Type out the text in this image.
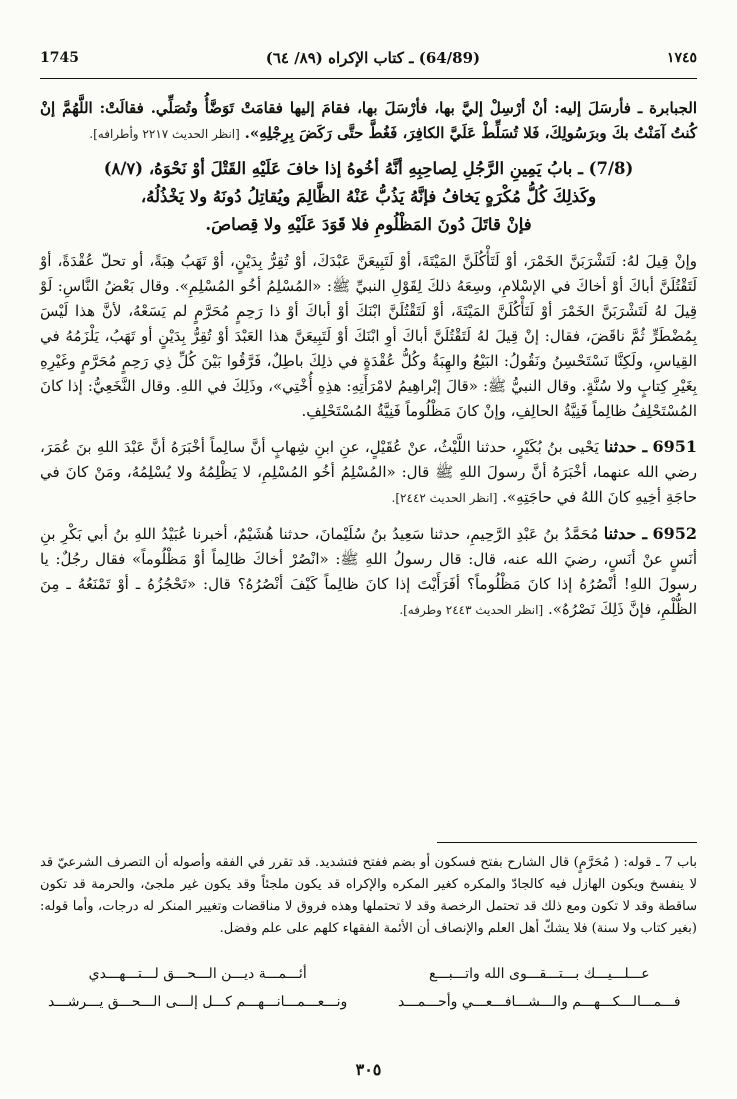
1745	(64/89) ـ كتاب الإكراه (٨٩/ ٦٤)	١٧٤٥

الجبابرة ـ فأرسَلَ إليه: أنْ أرْسِلْ إليَّ بها، فأرْسَلَ بها، فقامَ إليها فقامَتْ تَوَضَّأُ وتُصَلِّي. فقالَتْ: اللَّهُمَّ إنْ كُنتُ آمَنْتُ بكَ وبرَسُولِكَ، فَلا تُسَلِّطْ عَلَيَّ الكافِرَ، فَغُطَّ حتَّى رَكَضَ بِرِجْلِهِ». [انظر الحديث ٢٢١٧ وأطرافه].

(7/8) ـ بابُ يَمِينِ الرَّجُلِ لِصاحِبِهِ أنَّهُ أخُوهُ إذا خافَ عَلَيْهِ القَتْلَ أوْ نَحْوَهُ، (٨/٧)
وكَذلِكَ كُلُّ مُكْرَهٍ يَخافُ فإنَّهُ يَذُبُّ عَنْهُ الظَّالِمَ ويُقاتِلُ دُونَهُ ولا يَخْذُلُهُ،
فإنْ قاتَلَ دُونَ المَظْلُومِ فلا قَوَدَ عَلَيْهِ ولا قِصاصَ.

وإنْ قِيلَ لهُ: لَتَشْرَبَنَّ الخَمْرَ، أوْ لَتَأْكُلَنَّ المَيْتَةَ، أوْ لَتَبِيعَنَّ عَبْدَكَ، أوْ تُقِرُّ بِدَيْنٍ، أوْ تَهَبُ هِبَةً، أو تحلّ عُقْدَةً، أوْ لَتَقْتُلَنَّ أباكَ أوْ أخاكَ في الإسْلامِ، وسِعَهُ ذلكَ لِقَوْلِ النبيِّ ﷺ: «المُسْلِمُ أخُو المُسْلِمِ». وقال بَعْضُ النَّاسِ: لَوْ قِيلَ لهُ لَتَشْرَبَنَّ الخَمْرَ أوْ لَتَأْكُلَنَّ المَيْتَةَ، أوْ لَتَقْتُلَنَّ ابْنَكَ أوْ أباكَ أوْ ذا رَحِمٍ مُحَرَّمٍ لم يَسَعْهُ، لأنَّ هذا لَيْسَ بِمُضْطَرٍّ ثُمَّ ناقَضَ، فقال: إنْ قِيلَ لهُ لَتَقْتُلَنَّ أباكَ أوِ ابْنَكَ أوْ لَتَبِيعَنَّ هذا العَبْدَ أوْ تُقِرُّ بِدَيْنٍ أو تَهَبُ، يَلْزَمُهُ في القِياسِ، ولَكِنَّا نَسْتَحْسِنُ ونَقُولُ: البَيْعُ والهِبَةُ وكُلُّ عُقْدَةٍ في ذلِكَ باطِلٌ، فَرَّقُوا بَيْنَ كُلِّ ذِي رَحِمٍ مُحَرَّمٍ وغَيْرِهِ بِغَيْرِ كِتابٍ ولا سُنَّةٍ. وقال النبيُّ ﷺ: «قالَ إبْراهِيمُ لامْرَأَتِهِ: هذِهِ أُخْتِي»، وذَلِكَ في اللهِ. وقال النَّخَعِيُّ: إذا كانَ المُسْتَحْلِفُ ظالِماً فَنِيَّةُ الحالِفِ، وإنْ كانَ مَظْلُوماً فَنِيَّةُ المُسْتَحْلِفِ.

6951 ـ حدثنا يَحْيى بنُ بُكَيْرٍ، حدثنا اللَّيْثُ، عنْ عُقَيْلٍ، عنِ ابنِ شِهابٍ أنَّ سالِماً أخْبَرَهُ أنَّ عَبْدَ اللهِ بنَ عُمَرَ، رضي الله عنهما، أخْبَرَهُ أنَّ رسولَ اللهِ ﷺ قال: «المُسْلِمُ أخُو المُسْلِمِ، لا يَظْلِمُهُ ولا يُسْلِمُهُ، ومَنْ كانَ في حاجَةِ أخِيهِ كانَ اللهُ في حاجَتِهِ». [انظر الحديث ٢٤٤٢].

6952 ـ حدثنا مُحَمَّدُ بنُ عَبْدِ الرَّحِيمِ، حدثنا سَعِيدُ بنُ سُلَيْمانَ، حدثنا هُشَيْمٌ، أخبرنا عُبَيْدُ اللهِ بنُ أبي بَكْرِ بنِ أنَسٍ عنْ أنَسٍ، رضيَ الله عنه، قال: قال رسولُ اللهِ ﷺ: «انْصُرْ أخاكَ ظالِماً أوْ مَظْلُوماً» فقال رجُلٌ: يا رسولَ اللهِ! أنْصُرُهُ إذا كانَ مَظْلُوماً؟ أفَرَأَيْتَ إذا كانَ ظالِماً كَيْفَ أنْصُرُهُ؟ قال: «تَحْجُزُهُ ـ أوْ تَمْنَعُهُ ـ مِنَ الظُّلْمِ، فإنَّ ذَلِكَ نَصْرُهُ». [انظر الحديث ٢٤٤٣ وطرفه].

باب 7 ـ قوله: ( مُحَرَّمٍ) قال الشارح بفتح فسكون أو بضم ففتح فتشديد. قد تقرر في الفقه وأصوله أن التصرف الشرعيّ قد لا ينفسخ ويكون الهازل فيه كالجادّ والمكره كغير المكره والإكراه قد يكون ملجئاً وقد يكون غير ملجئ، والحرمة قد تكون ساقطة وقد لا تكون ومع ذلك قد تحتمل الرخصة وقد لا تحتملها وهذه فروق لا مناقضات وتغيير المنكر له درجات، وأما قوله: (بغير كتاب ولا سنة) فلا يشكّ أهل العلم والإنصاف أن الأئمة الفقهاء كلهم على علم وفضل.
عـــلـــيـــك بـــتـــقـــوى الله واتـــبـــع
أئـــمـــة ديـــن الـــحـــق لـــتـــهـــدي
فـــمـــالـــكـــهـــم والـــشـــافـــعـــي وأحـــمـــد
ونـــعـــمـــانـــهـــم كـــل إلـــى الـــحـــق يـــرشـــد
٣٠٥
